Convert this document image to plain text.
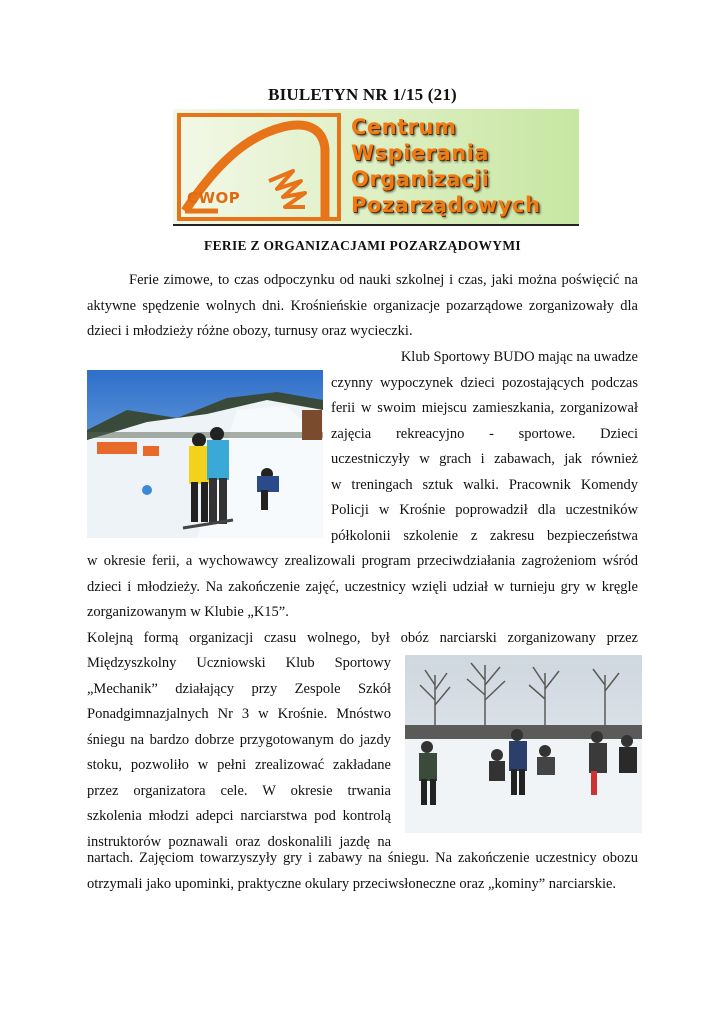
BIULETYN NR 1/15 (21)
CWOP
Centrum
Wspierania
Organizacji
Pozarządowych
FERIE Z ORGANIZACJAMI POZARZĄDOWYMI
Ferie zimowe, to czas odpoczynku od nauki szkolnej i czas, jaki można poświęcić na aktywne spędzenie wolnych dni. Krośnieńskie organizacje pozarządowe zorganizowały dla dzieci i młodzieży różne obozy, turnusy oraz wycieczki.
Klub Sportowy BUDO mając na uwadze
czynny wypoczynek dzieci pozostających podczas
ferii w swoim miejscu zamieszkania, zorganizował
zajęcia rekreacyjno - sportowe. Dzieci
uczestniczyły w grach i zabawach, jak również
w treningach sztuk walki. Pracownik Komendy
Policji w Krośnie poprowadził dla uczestników
półkolonii szkolenie z zakresu bezpieczeństwa
w okresie ferii, a wychowawcy zrealizowali program przeciwdziałania zagrożeniom wśród
dzieci i młodzieży. Na zakończenie zajęć, uczestnicy wzięli udział w turnieju gry w kręgle
zorganizowanym w Klubie „K15”.
Kolejną formą organizacji czasu wolnego, był obóz narciarski zorganizowany przez
Międzyszkolny Uczniowski Klub Sportowy
„Mechanik” działający przy Zespole Szkół
Ponadgimnazjalnych Nr 3 w Krośnie. Mnóstwo
śniegu na bardzo dobrze przygotowanym do jazdy
stoku, pozwoliło w pełni zrealizować zakładane
przez organizatora cele. W okresie trwania
szkolenia młodzi adepci narciarstwa pod kontrolą
instruktorów poznawali oraz doskonalili jazdę na
nartach. Zajęciom towarzyszyły gry i zabawy na śniegu. Na zakończenie uczestnicy obozu
otrzymali jako upominki, praktyczne okulary przeciwsłoneczne oraz „kominy” narciarskie.
